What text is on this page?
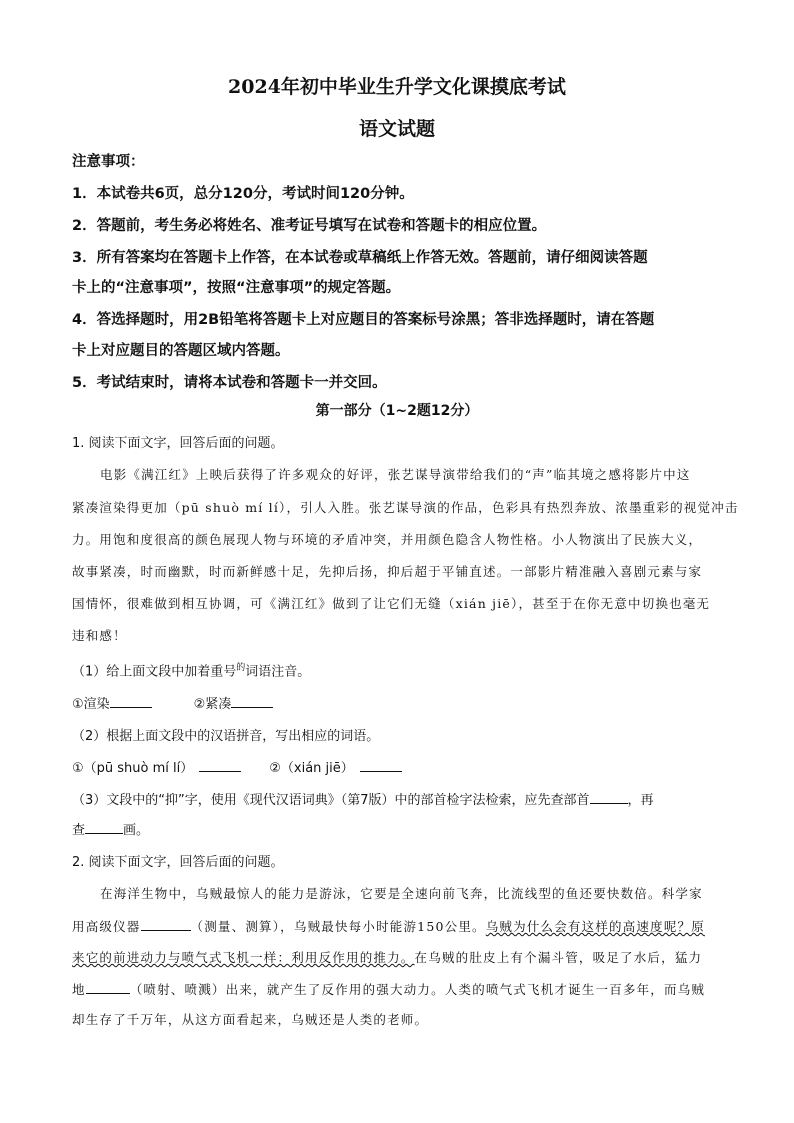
2024年初中毕业生升学文化课摸底考试
语文试题
注意事项：
1．本试卷共6页，总分120分，考试时间120分钟。
2．答题前，考生务必将姓名、准考证号填写在试卷和答题卡的相应位置。
3．所有答案均在答题卡上作答，在本试卷或草稿纸上作答无效。答题前，请仔细阅读答题
卡上的“注意事项”，按照“注意事项”的规定答题。
4．答选择题时，用2B铅笔将答题卡上对应题目的答案标号涂黑；答非选择题时，请在答题
卡上对应题目的答题区域内答题。
5．考试结束时，请将本试卷和答题卡一并交回。
第一部分（1~2题12分）
1. 阅读下面文字，回答后面的问题。
电影《满江红》上映后获得了许多观众的好评，张艺谋导演带给我们的“声”临其境之感将影片中这
紧凑渲染得更加（pū shuò mí lí），引人入胜。张艺谋导演的作品，色彩具有热烈奔放、浓墨重彩的视觉冲击
力。用饱和度很高的颜色展现人物与环境的矛盾冲突，并用颜色隐含人物性格。小人物演出了民族大义，
故事紧凑，时而幽默，时而新鲜感十足，先抑后扬，抑后超于平铺直述。一部影片精准融入喜剧元素与家
国情怀，很难做到相互协调，可《满江红》做到了让它们无缝（xián jiē），甚至于在你无意中切换也毫无
违和感！
（1）给上面文段中加着重号$^的$词语注音。
①渲染	②紧凑
（2）根据上面文段中的汉语拼音，写出相应的词语。
①（pū shuò mí lí）	②（xián jiē）
（3）文段中的“抑”字，使用《现代汉语词典》（第7版）中的部首检字法检索，应先查部首	，再
查	画。
2. 阅读下面文字，回答后面的问题。
在海洋生物中，乌贼最惊人的能力是游泳，它要是全速向前飞奔，比流线型的鱼还要快数倍。科学家
用高级仪器	（测量、测算），乌贼最快每小时能游150公里。乌贼为什么会有这样的高速度呢？原
来它的前进动力与喷气式飞机一样：利用反作用的推力。在乌贼的肚皮上有个漏斗管，吸足了水后，猛力
地	（喷射、喷溅）出来，就产生了反作用的强大动力。人类的喷气式飞机才诞生一百多年，而乌贼
却生存了千万年，从这方面看起来，乌贼还是人类的老师。
